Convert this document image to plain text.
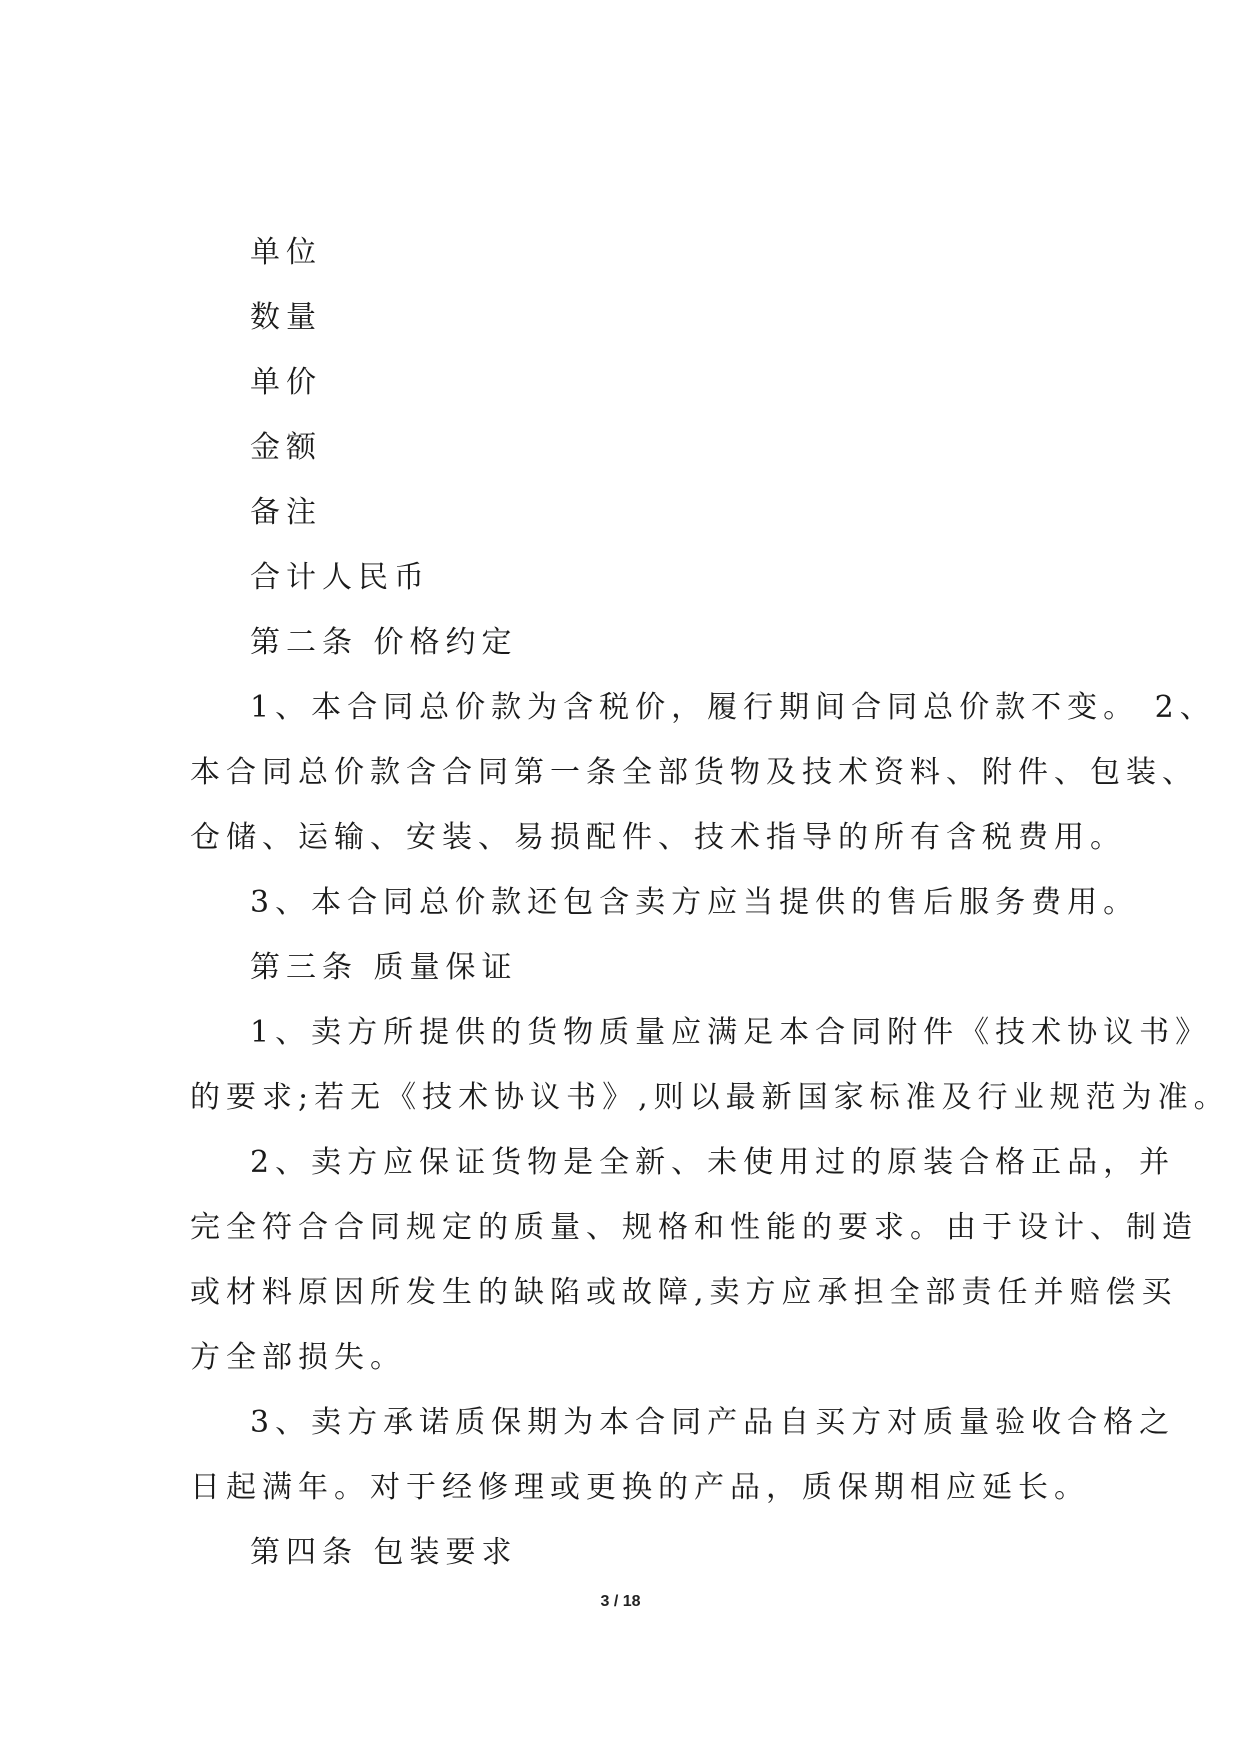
单位
数量
单价
金额
备注
合计人民币
第二条 价格约定
1、本合同总价款为含税价，履行期间合同总价款不变。 2、
本合同总价款含合同第一条全部货物及技术资料、附件、包装、
仓储、运输、安装、易损配件、技术指导的所有含税费用。
3、本合同总价款还包含卖方应当提供的售后服务费用。
第三条 质量保证
1、卖方所提供的货物质量应满足本合同附件《技术协议书》
的要求;若无《技术协议书》,则以最新国家标准及行业规范为准。
2、卖方应保证货物是全新、未使用过的原装合格正品，并
完全符合合同规定的质量、规格和性能的要求。由于设计、制造
或材料原因所发生的缺陷或故障,卖方应承担全部责任并赔偿买
方全部损失。
3、卖方承诺质保期为本合同产品自买方对质量验收合格之
日起满年。对于经修理或更换的产品，质保期相应延长。
第四条 包装要求
3 / 18
